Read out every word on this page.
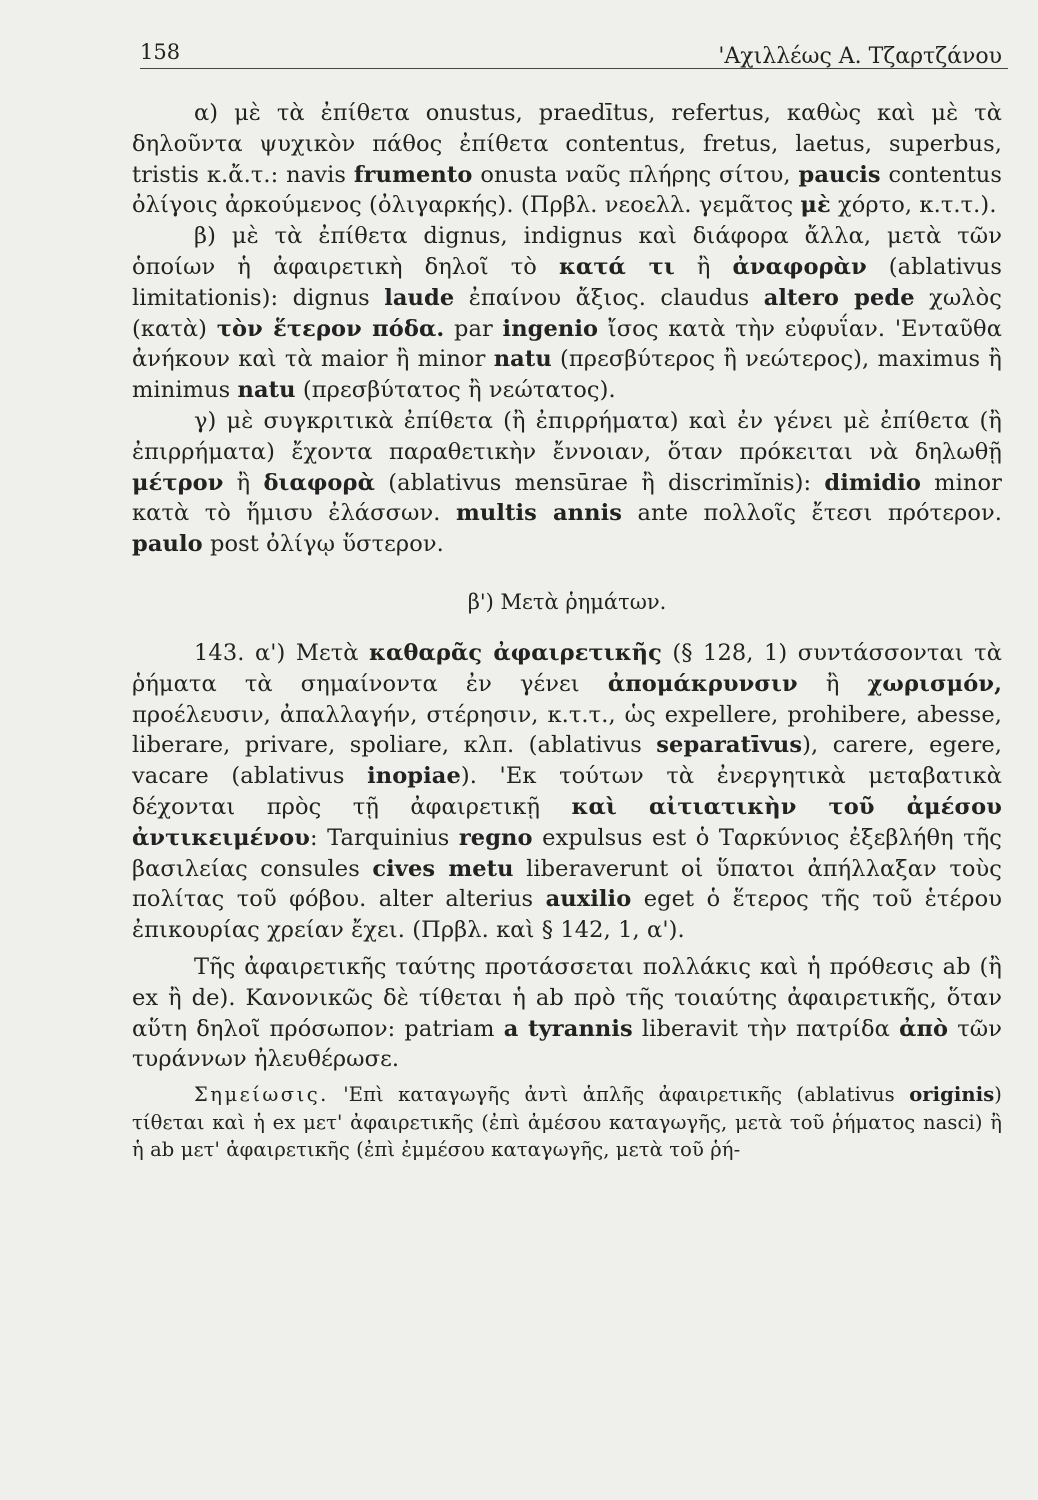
158	'Αχιλλέως Α. Τζαρτζάνου

α) μὲ τὰ ἐπίθετα onustus, praedītus, refertus, καθὼς καὶ μὲ τὰ δηλοῦντα ψυχικὸν πάθος ἐπίθετα contentus, fretus, laetus, superbus, tristis κ.ἄ.τ.: navis frumento onusta ναῦς πλήρης σίτου, paucis contentus ὀλίγοις ἀρκούμενος (ὀλιγαρκής). (Πρβλ. νεοελλ. γεμᾶτος μὲ χόρτο, κ.τ.τ.).

β) μὲ τὰ ἐπίθετα dignus, indignus καὶ διάφορα ἄλλα, μετὰ τῶν ὁποίων ἡ ἀφαιρετικὴ δηλοῖ τὸ κατά τι ἢ ἀναφορὰν (ablativus limitationis): dignus laude ἐπαίνου ἄξιος. claudus altero pede χωλὸς (κατὰ) τὸν ἕτερον πόδα. par ingenio ἴσος κατὰ τὴν εὐφυΐαν. 'Ενταῦθα ἀνήκουν καὶ τὰ maior ἢ minor natu (πρεσβύτερος ἢ νεώτερος), maximus ἢ minimus natu (πρεσβύτατος ἢ νεώτατος).

γ) μὲ συγκριτικὰ ἐπίθετα (ἢ ἐπιρρήματα) καὶ ἐν γένει μὲ ἐπίθετα (ἢ ἐπιρρήματα) ἔχοντα παραθετικὴν ἔννοιαν, ὅταν πρόκειται νὰ δηλωθῇ μέτρον ἢ διαφορὰ (ablativus mensūrae ἢ discrimĭnis): dimidio minor κατὰ τὸ ἥμισυ ἐλάσσων. multis annis ante πολλοῖς ἔτεσι πρότερον. paulo post ὀλίγῳ ὕστερον.

β') Μετὰ ῥημάτων.

143. α') Μετὰ καθαρᾶς ἀφαιρετικῆς (§ 128, 1) συντάσσονται τὰ ῥήματα τὰ σημαίνοντα ἐν γένει ἀπομάκρυνσιν ἢ χωρισμόν, προέλευσιν, ἀπαλλαγήν, στέρησιν, κ.τ.τ., ὡς expellere, prohibere, abesse, liberare, privare, spoliare, κλπ. (ablativus separatīvus), carere, egere, vacare (ablativus inopiae). 'Εκ τούτων τὰ ἐνεργητικὰ μεταβατικὰ δέχονται πρὸς τῇ ἀφαιρετικῇ καὶ αἰτιατικὴν τοῦ ἀμέσου ἀντικειμένου: Tarquinius regno expulsus est ὁ Ταρκύνιος ἐξεβλήθη τῆς βασιλείας consules cives metu liberaverunt οἱ ὕπατοι ἀπήλλαξαν τοὺς πολίτας τοῦ φόβου. alter alterius auxilio eget ὁ ἕτερος τῆς τοῦ ἑτέρου ἐπικουρίας χρείαν ἔχει. (Πρβλ. καὶ § 142, 1, α').

Τῆς ἀφαιρετικῆς ταύτης προτάσσεται πολλάκις καὶ ἡ πρόθεσις ab (ἢ ex ἢ de). Κανονικῶς δὲ τίθεται ἡ ab πρὸ τῆς τοιαύτης ἀφαιρετικῆς, ὅταν αὕτη δηλοῖ πρόσωπον: patriam a tyrannis liberavit τὴν πατρίδα ἀπὸ τῶν τυράννων ἠλευθέρωσε.

Σημείωσις. 'Επὶ καταγωγῆς ἀντὶ ἁπλῆς ἀφαιρετικῆς (ablativus originis) τίθεται καὶ ἡ ex μετ' ἀφαιρετικῆς (ἐπὶ ἀμέσου καταγωγῆς, μετὰ τοῦ ῥήματος nasci) ἢ ἡ ab μετ' ἀφαιρετικῆς (ἐπὶ ἐμμέσου καταγωγῆς, μετὰ τοῦ ῥή-
